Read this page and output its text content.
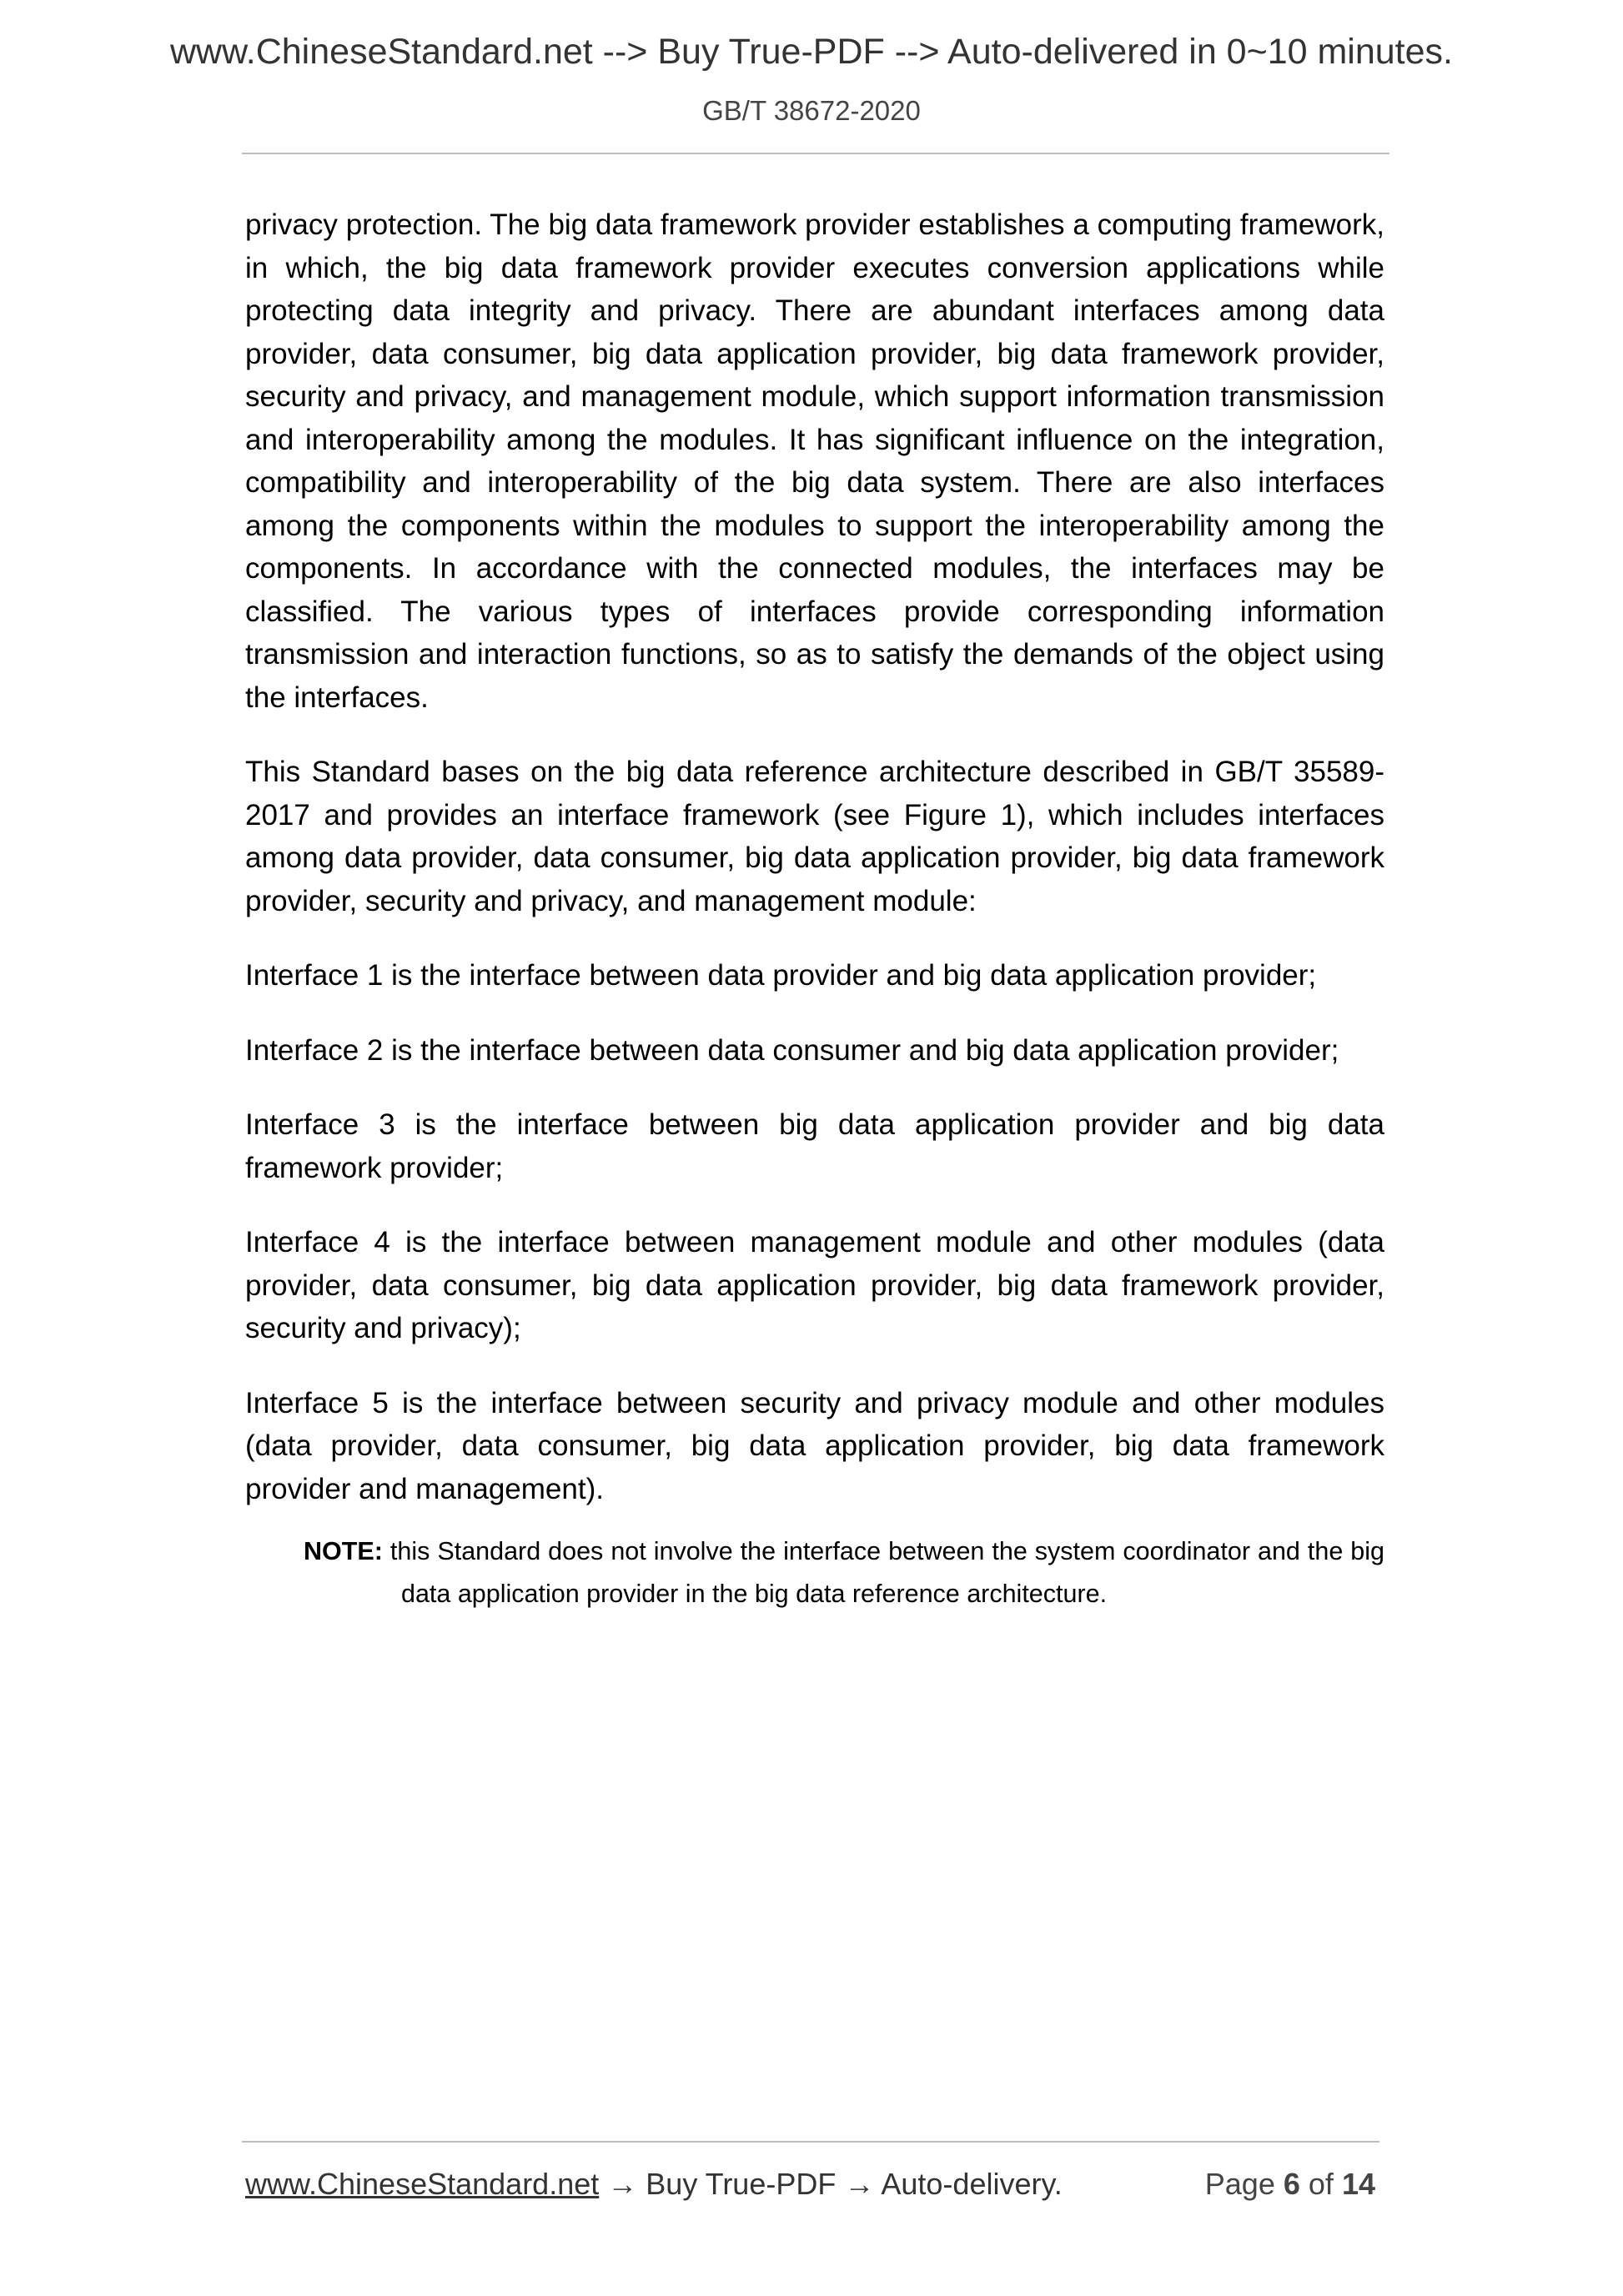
www.ChineseStandard.net --> Buy True-PDF --> Auto-delivered in 0~10 minutes.
GB/T 38672-2020

privacy protection. The big data framework provider establishes a computing framework, in which, the big data framework provider executes conversion applications while protecting data integrity and privacy. There are abundant interfaces among data provider, data consumer, big data application provider, big data framework provider, security and privacy, and management module, which support information transmission and interoperability among the modules. It has significant influence on the integration, compatibility and interoperability of the big data system. There are also interfaces among the components within the modules to support the interoperability among the components. In accordance with the connected modules, the interfaces may be classified. The various types of interfaces provide corresponding information transmission and interaction functions, so as to satisfy the demands of the object using the interfaces.

This Standard bases on the big data reference architecture described in GB/T 35589-2017 and provides an interface framework (see Figure 1), which includes interfaces among data provider, data consumer, big data application provider, big data framework provider, security and privacy, and management module:

Interface 1 is the interface between data provider and big data application provider;

Interface 2 is the interface between data consumer and big data application provider;

Interface 3 is the interface between big data application provider and big data framework provider;

Interface 4 is the interface between management module and other modules (data provider, data consumer, big data application provider, big data framework provider, security and privacy);

Interface 5 is the interface between security and privacy module and other modules (data provider, data consumer, big data application provider, big data framework provider and management).

NOTE: this Standard does not involve the interface between the system coordinator and the big data application provider in the big data reference architecture.

www.ChineseStandard.net → Buy True-PDF → Auto-delivery.	Page 6 of 14
